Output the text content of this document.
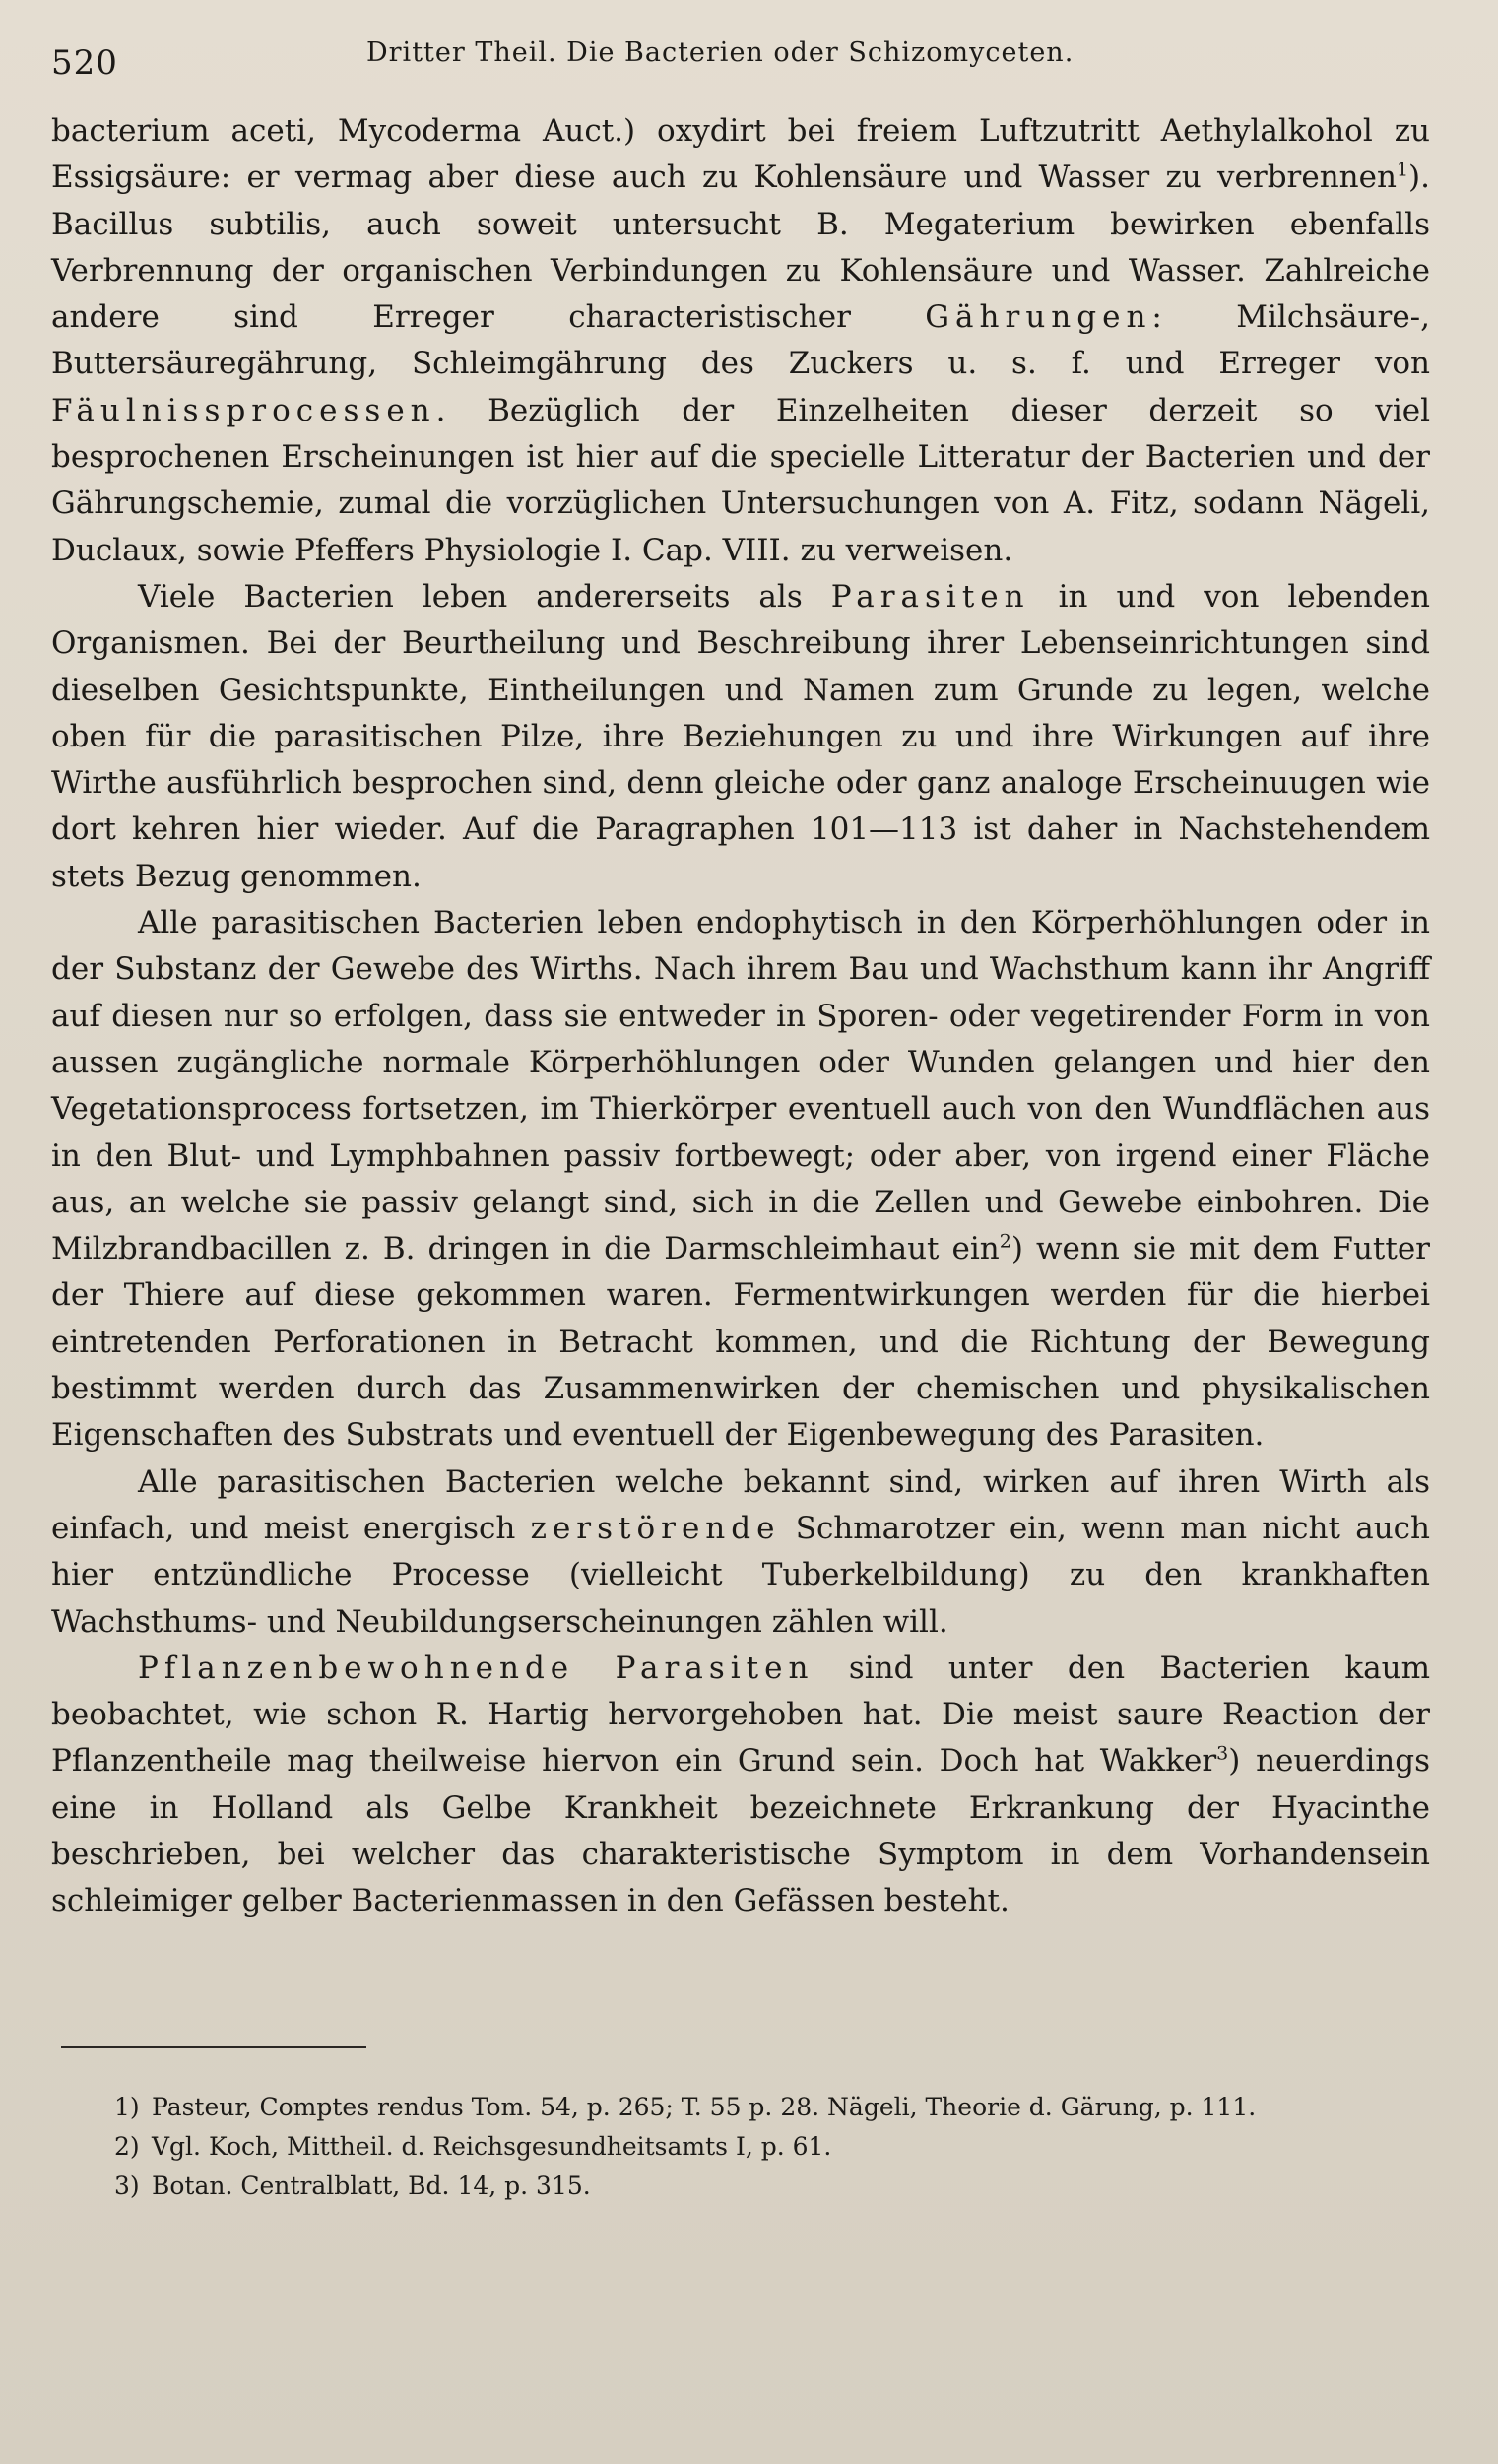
520	Dritter Theil. Die Bacterien oder Schizomyceten.

bacterium aceti, Mycoderma Auct.) oxydirt bei freiem Luftzutritt Aethylalkohol zu Essigsäure: er vermag aber diese auch zu Kohlensäure und Wasser zu verbrennen$^1$). Bacillus subtilis, auch soweit untersucht B. Megaterium bewirken ebenfalls Verbrennung der organischen Verbindungen zu Kohlensäure und Wasser. Zahlreiche andere sind Erreger characteristischer Gährungen: Milchsäure-, Buttersäuregährung, Schleimgährung des Zuckers u. s. f. und Erreger von Fäulnissprocessen. Bezüglich der Einzelheiten dieser derzeit so viel besprochenen Erscheinungen ist hier auf die specielle Litteratur der Bacterien und der Gährungschemie, zumal die vorzüglichen Untersuchungen von A. Fitz, sodann Nägeli, Duclaux, sowie Pfeffers Physiologie I. Cap. VIII. zu verweisen.

Viele Bacterien leben andererseits als Parasiten in und von lebenden Organismen. Bei der Beurtheilung und Beschreibung ihrer Lebenseinrichtungen sind dieselben Gesichtspunkte, Eintheilungen und Namen zum Grunde zu legen, welche oben für die parasitischen Pilze, ihre Beziehungen zu und ihre Wirkungen auf ihre Wirthe ausführlich besprochen sind, denn gleiche oder ganz analoge Erscheinuugen wie dort kehren hier wieder. Auf die Paragraphen 101—113 ist daher in Nachstehendem stets Bezug genommen.

Alle parasitischen Bacterien leben endophytisch in den Körperhöhlungen oder in der Substanz der Gewebe des Wirths. Nach ihrem Bau und Wachsthum kann ihr Angriff auf diesen nur so erfolgen, dass sie entweder in Sporen- oder vegetirender Form in von aussen zugängliche normale Körperhöhlungen oder Wunden gelangen und hier den Vegetationsprocess fortsetzen, im Thierkörper eventuell auch von den Wundflächen aus in den Blut- und Lymphbahnen passiv fortbewegt; oder aber, von irgend einer Fläche aus, an welche sie passiv gelangt sind, sich in die Zellen und Gewebe einbohren. Die Milzbrandbacillen z. B. dringen in die Darmschleimhaut ein$^2$) wenn sie mit dem Futter der Thiere auf diese gekommen waren. Fermentwirkungen werden für die hierbei eintretenden Perforationen in Betracht kommen, und die Richtung der Bewegung bestimmt werden durch das Zusammenwirken der chemischen und physikalischen Eigenschaften des Substrats und eventuell der Eigenbewegung des Parasiten.

Alle parasitischen Bacterien welche bekannt sind, wirken auf ihren Wirth als einfach, und meist energisch zerstörende Schmarotzer ein, wenn man nicht auch hier entzündliche Processe (vielleicht Tuberkelbildung) zu den krankhaften Wachsthums- und Neubildungserscheinungen zählen will.

Pflanzenbewohnende Parasiten sind unter den Bacterien kaum beobachtet, wie schon R. Hartig hervorgehoben hat. Die meist saure Reaction der Pflanzentheile mag theilweise hiervon ein Grund sein. Doch hat Wakker$^3$) neuerdings eine in Holland als Gelbe Krankheit bezeichnete Erkrankung der Hyacinthe beschrieben, bei welcher das charakteristische Symptom in dem Vorhandensein schleimiger gelber Bacterienmassen in den Gefässen besteht.

1) Pasteur, Comptes rendus Tom. 54, p. 265; T. 55 p. 28. Nägeli, Theorie d. Gärung, p. 111.

2) Vgl. Koch, Mittheil. d. Reichsgesundheitsamts I, p. 61.

3) Botan. Centralblatt, Bd. 14, p. 315.
